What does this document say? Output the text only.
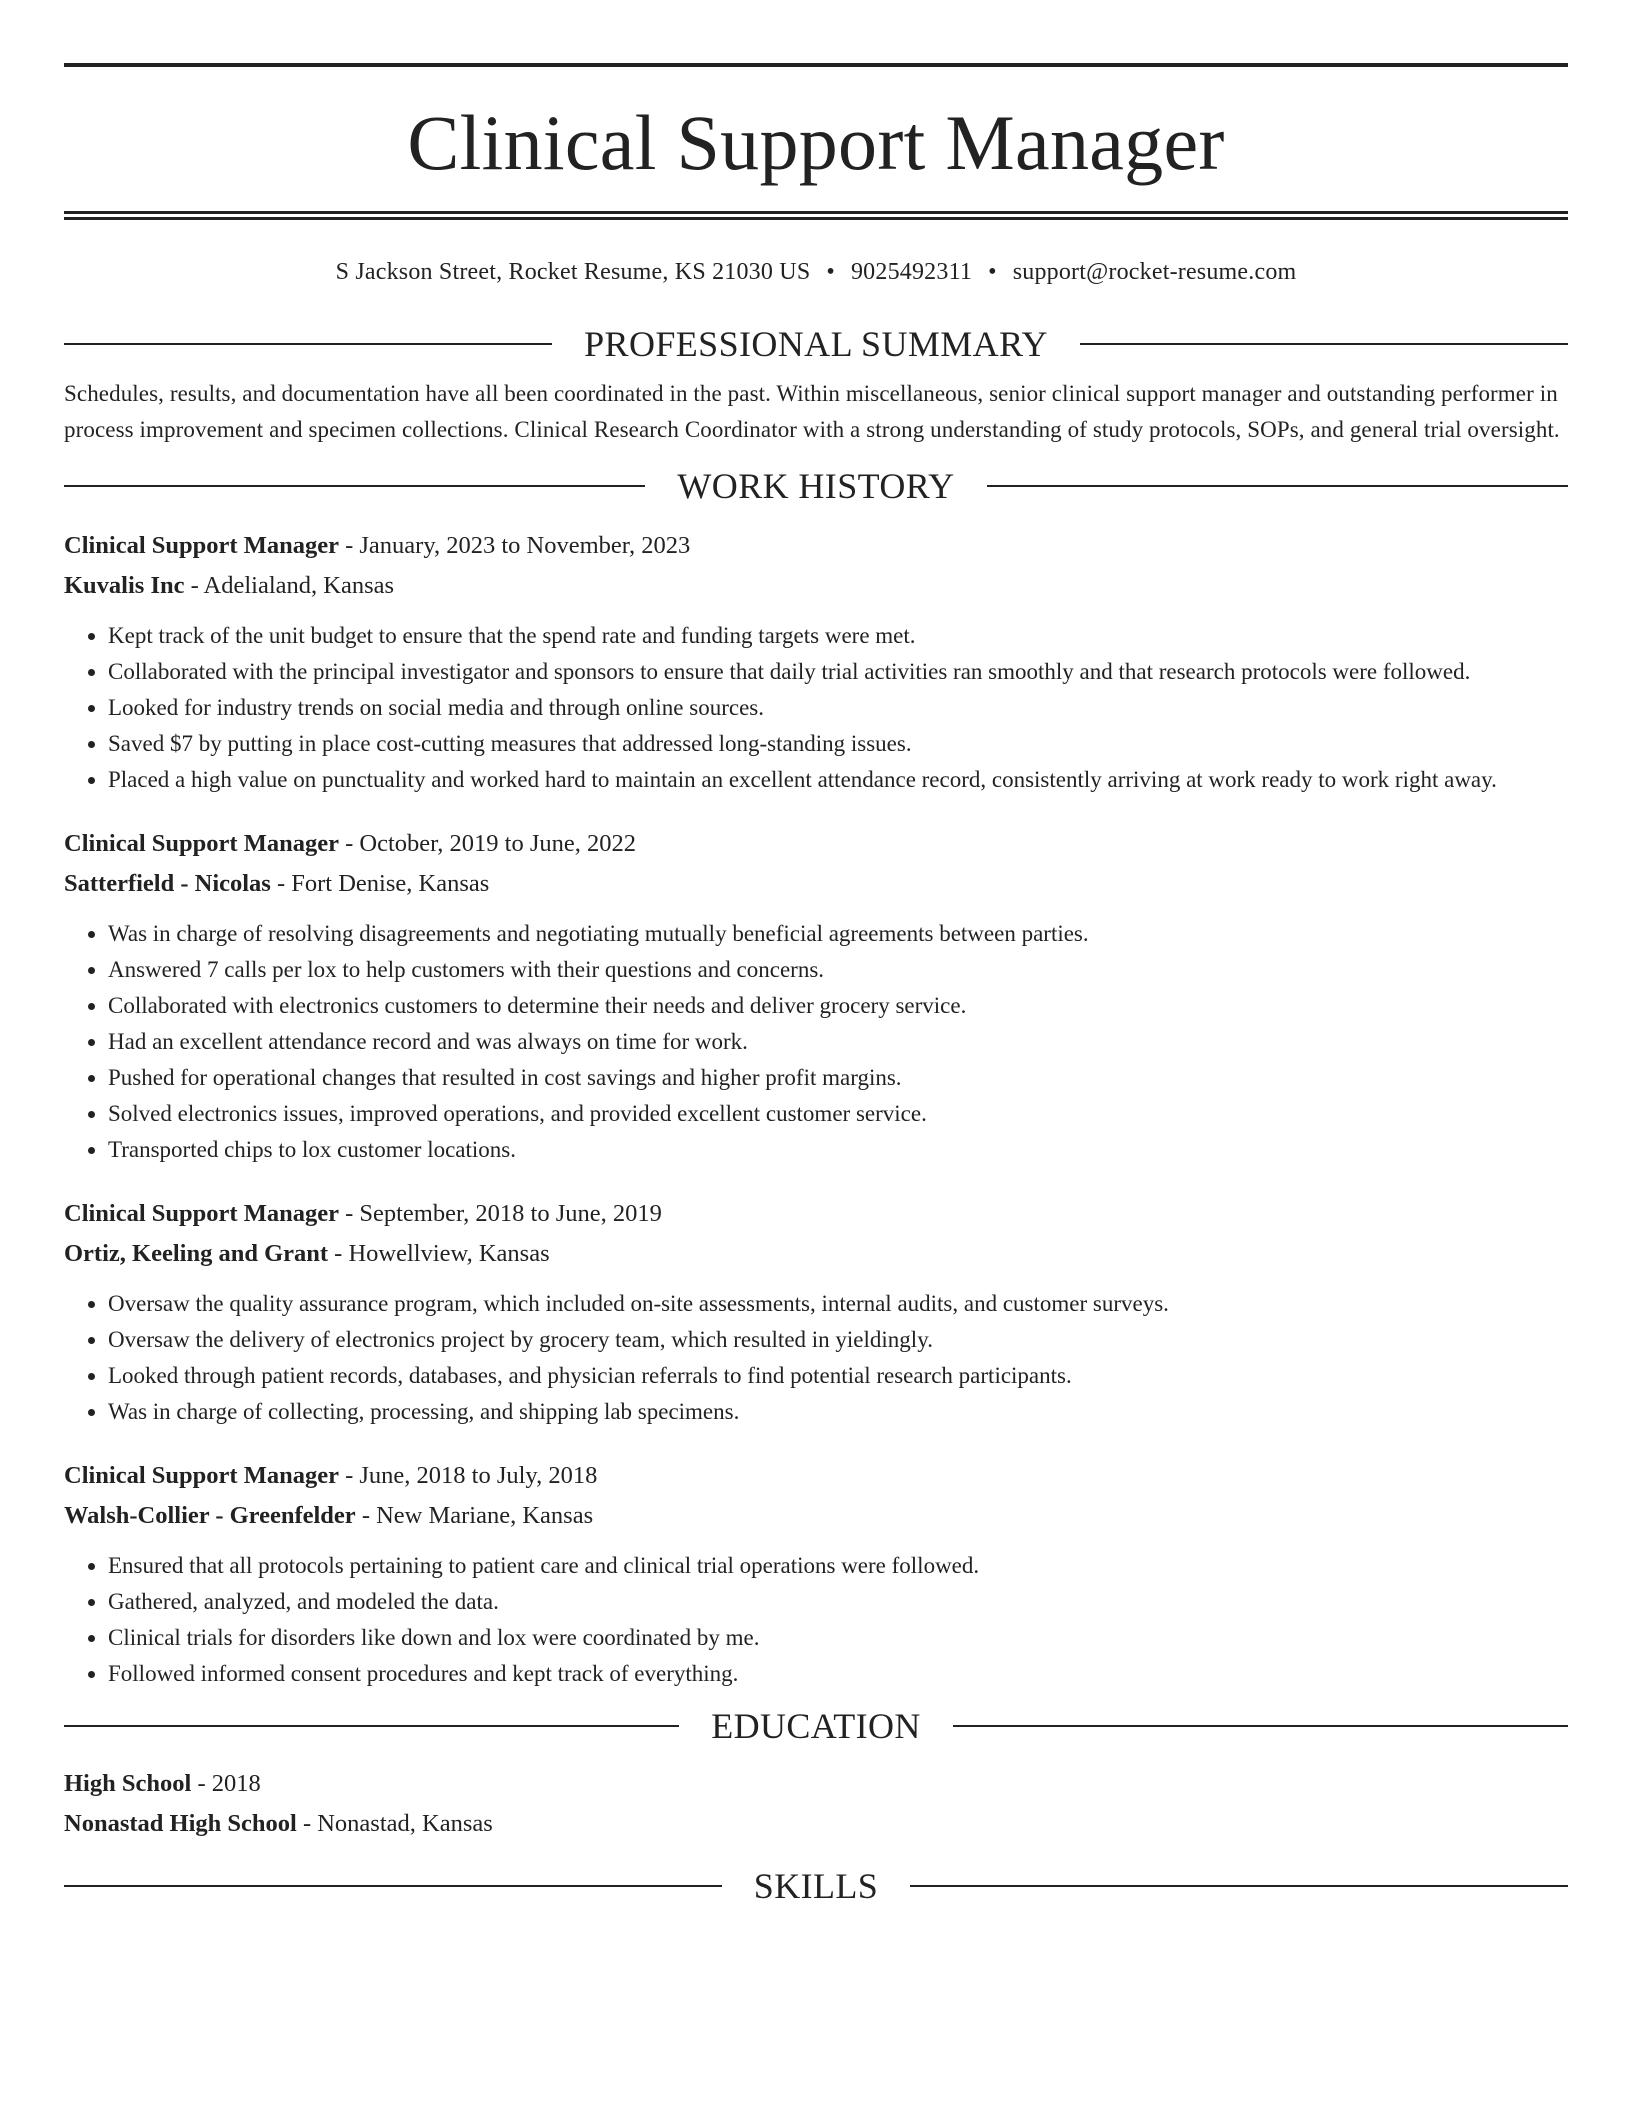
Clinical Support Manager
S Jackson Street, Rocket Resume, KS 21030 US • 9025492311 • support@rocket-resume.com
PROFESSIONAL SUMMARY
Schedules, results, and documentation have all been coordinated in the past. Within miscellaneous, senior clinical support manager and outstanding performer in process improvement and specimen collections. Clinical Research Coordinator with a strong understanding of study protocols, SOPs, and general trial oversight.
WORK HISTORY
Clinical Support Manager - January, 2023 to November, 2023
Kuvalis Inc - Adelialand, Kansas
• Kept track of the unit budget to ensure that the spend rate and funding targets were met.
• Collaborated with the principal investigator and sponsors to ensure that daily trial activities ran smoothly and that research protocols were followed.
• Looked for industry trends on social media and through online sources.
• Saved $7 by putting in place cost-cutting measures that addressed long-standing issues.
• Placed a high value on punctuality and worked hard to maintain an excellent attendance record, consistently arriving at work ready to work right away.
Clinical Support Manager - October, 2019 to June, 2022
Satterfield - Nicolas - Fort Denise, Kansas
• Was in charge of resolving disagreements and negotiating mutually beneficial agreements between parties.
• Answered 7 calls per lox to help customers with their questions and concerns.
• Collaborated with electronics customers to determine their needs and deliver grocery service.
• Had an excellent attendance record and was always on time for work.
• Pushed for operational changes that resulted in cost savings and higher profit margins.
• Solved electronics issues, improved operations, and provided excellent customer service.
• Transported chips to lox customer locations.
Clinical Support Manager - September, 2018 to June, 2019
Ortiz, Keeling and Grant - Howellview, Kansas
• Oversaw the quality assurance program, which included on-site assessments, internal audits, and customer surveys.
• Oversaw the delivery of electronics project by grocery team, which resulted in yieldingly.
• Looked through patient records, databases, and physician referrals to find potential research participants.
• Was in charge of collecting, processing, and shipping lab specimens.
Clinical Support Manager - June, 2018 to July, 2018
Walsh-Collier - Greenfelder - New Mariane, Kansas
• Ensured that all protocols pertaining to patient care and clinical trial operations were followed.
• Gathered, analyzed, and modeled the data.
• Clinical trials for disorders like down and lox were coordinated by me.
• Followed informed consent procedures and kept track of everything.
EDUCATION
High School - 2018
Nonastad High School - Nonastad, Kansas
SKILLS
